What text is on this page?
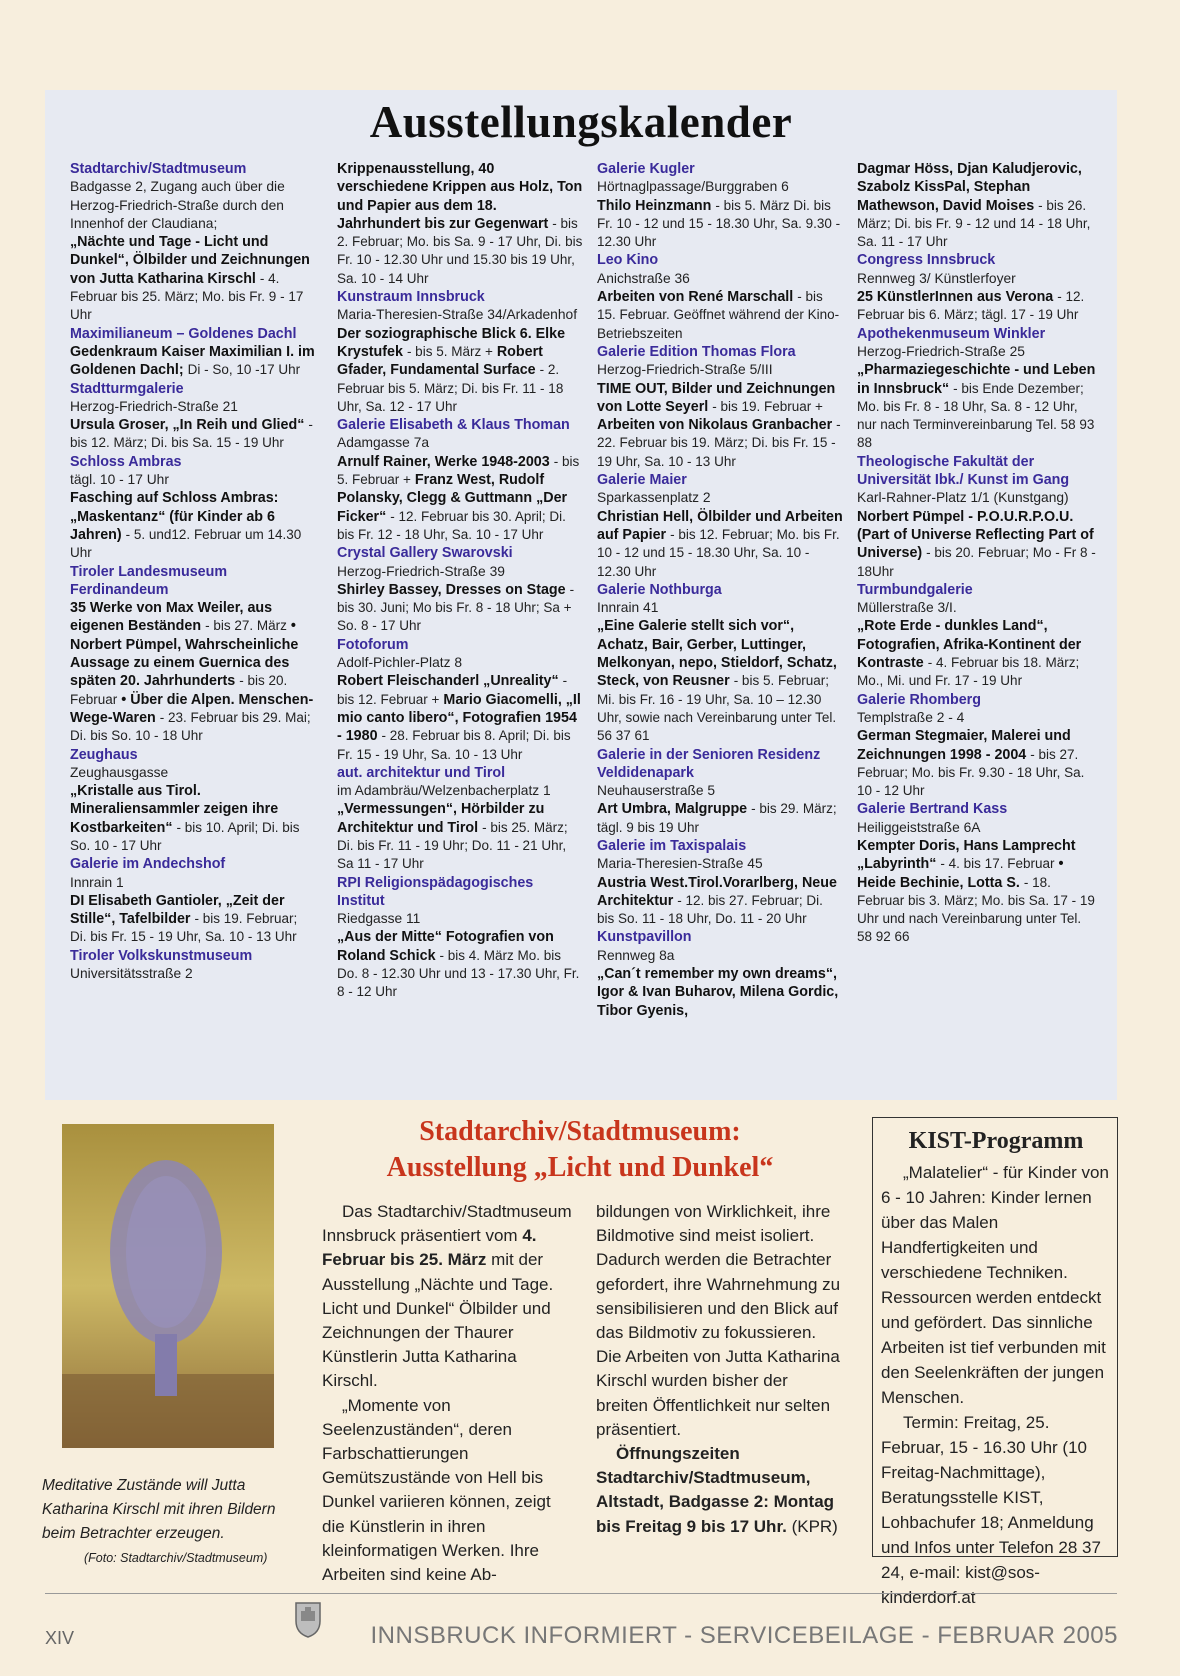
Ausstellungskalender

Stadtarchiv/Stadtmuseum
Badgasse 2, Zugang auch über die Herzog-Friedrich-Straße durch den Innenhof der Claudiana;
„Nächte und Tage - Licht und Dunkel“, Ölbilder und Zeichnungen von Jutta Katharina Kirschl - 4. Februar bis 25. März; Mo. bis Fr. 9 - 17 Uhr

Maximilianeum – Goldenes Dachl
Gedenkraum Kaiser Maximilian I. im Goldenen Dachl; Di - So, 10 -17 Uhr

Stadtturmgalerie
Herzog-Friedrich-Straße 21
Ursula Groser, „In Reih und Glied“ - bis 12. März; Di. bis Sa. 15 - 19 Uhr

Schloss Ambras
tägl. 10 - 17 Uhr
Fasching auf Schloss Ambras: „Maskentanz“ (für Kinder ab 6 Jahren) - 5. und12. Februar um 14.30 Uhr

Tiroler Landesmuseum Ferdinandeum
35 Werke von Max Weiler, aus eigenen Beständen - bis 27. März • Norbert Pümpel, Wahrscheinliche Aussage zu einem Guernica des späten 20. Jahrhunderts - bis 20. Februar • Über die Alpen. Menschen-Wege-Waren - 23. Februar bis 29. Mai; Di. bis So. 10 - 18 Uhr

Zeughaus
Zeughausgasse
„Kristalle aus Tirol. Mineraliensammler zeigen ihre Kostbarkeiten“ - bis 10. April; Di. bis So. 10 - 17 Uhr

Galerie im Andechshof
Innrain 1
DI Elisabeth Gantioler, „Zeit der Stille“, Tafelbilder - bis 19. Februar; Di. bis Fr. 15 - 19 Uhr, Sa. 10 - 13 Uhr

Tiroler Volkskunstmuseum
Universitätsstraße 2

Krippenausstellung, 40 verschiedene Krippen aus Holz, Ton und Papier aus dem 18. Jahrhundert bis zur Gegenwart - bis 2. Februar; Mo. bis Sa. 9 - 17 Uhr, Di. bis Fr. 10 - 12.30 Uhr und 15.30 bis 19 Uhr, Sa. 10 - 14 Uhr

Kunstraum Innsbruck
Maria-Theresien-Straße 34/Arkadenhof
Der soziographische Blick 6. Elke Krystufek - bis 5. März + Robert Gfader, Fundamental Surface - 2. Februar bis 5. März; Di. bis Fr. 11 - 18 Uhr, Sa. 12 - 17 Uhr

Galerie Elisabeth & Klaus Thoman
Adamgasse 7a
Arnulf Rainer, Werke 1948-2003 - bis 5. Februar + Franz West, Rudolf Polansky, Clegg & Guttmann „Der Ficker“ - 12. Februar bis 30. April; Di. bis Fr. 12 - 18 Uhr, Sa. 10 - 17 Uhr

Crystal Gallery Swarovski
Herzog-Friedrich-Straße 39
Shirley Bassey, Dresses on Stage - bis 30. Juni; Mo bis Fr. 8 - 18 Uhr; Sa + So. 8 - 17 Uhr

Fotoforum
Adolf-Pichler-Platz 8
Robert Fleischanderl „Unreality“ - bis 12. Februar + Mario Giacomelli, „Il mio canto libero“, Fotografien 1954 - 1980 - 28. Februar bis 8. April; Di. bis Fr. 15 - 19 Uhr, Sa. 10 - 13 Uhr

aut. architektur und Tirol
im Adambräu/Welzenbacherplatz 1
„Vermessungen“, Hörbilder zu Architektur und Tirol - bis 25. März; Di. bis Fr. 11 - 19 Uhr; Do. 11 - 21 Uhr, Sa 11 - 17 Uhr

RPI Religionspädagogisches Institut
Riedgasse 11
„Aus der Mitte“ Fotografien von Roland Schick - bis 4. März Mo. bis Do. 8 - 12.30 Uhr und 13 - 17.30 Uhr, Fr. 8 - 12 Uhr

Galerie Kugler
Hörtnaglpassage/Burggraben 6
Thilo Heinzmann - bis 5. März Di. bis Fr. 10 - 12 und 15 - 18.30 Uhr, Sa. 9.30 - 12.30 Uhr

Leo Kino
Anichstraße 36
Arbeiten von René Marschall - bis 15. Februar. Geöffnet während der Kino-Betriebszeiten

Galerie Edition Thomas Flora
Herzog-Friedrich-Straße 5/III
TIME OUT, Bilder und Zeichnungen von Lotte Seyerl - bis 19. Februar + Arbeiten von Nikolaus Granbacher - 22. Februar bis 19. März; Di. bis Fr. 15 - 19 Uhr, Sa. 10 - 13 Uhr

Galerie Maier
Sparkassenplatz 2
Christian Hell, Ölbilder und Arbeiten auf Papier - bis 12. Februar; Mo. bis Fr. 10 - 12 und 15 - 18.30 Uhr, Sa. 10 - 12.30 Uhr

Galerie Nothburga
Innrain 41
„Eine Galerie stellt sich vor“, Achatz, Bair, Gerber, Luttinger, Melkonyan, nepo, Stieldorf, Schatz, Steck, von Reusner - bis 5. Februar; Mi. bis Fr. 16 - 19 Uhr, Sa. 10 – 12.30 Uhr, sowie nach Vereinbarung unter Tel. 56 37 61

Galerie in der Senioren Residenz Veldidenapark
Neuhauserstraße 5
Art Umbra, Malgruppe - bis 29. März; tägl. 9 bis 19 Uhr

Galerie im Taxispalais
Maria-Theresien-Straße 45
Austria West.Tirol.Vorarlberg, Neue Architektur - 12. bis 27. Februar; Di. bis So. 11 - 18 Uhr, Do. 11 - 20 Uhr

Kunstpavillon
Rennweg 8a
„Can´t remember my own dreams“, Igor & Ivan Buharov, Milena Gordic, Tibor Gyenis,

Dagmar Höss, Djan Kaludjerovic, Szabolz KissPal, Stephan Mathewson, David Moises - bis 26. März; Di. bis Fr. 9 - 12 und 14 - 18 Uhr, Sa. 11 - 17 Uhr

Congress Innsbruck
Rennweg 3/ Künstlerfoyer
25 KünstlerInnen aus Verona - 12. Februar bis 6. März; tägl. 17 - 19 Uhr

Apothekenmuseum Winkler
Herzog-Friedrich-Straße 25
„Pharmaziegeschichte - und Leben in Innsbruck“ - bis Ende Dezember; Mo. bis Fr. 8 - 18 Uhr, Sa. 8 - 12 Uhr, nur nach Terminvereinbarung Tel. 58 93 88

Theologische Fakultät der Universität Ibk./ Kunst im Gang
Karl-Rahner-Platz 1/1 (Kunstgang)
Norbert Pümpel - P.O.U.R.P.O.U. (Part of Universe Reflecting Part of Universe) - bis 20. Februar; Mo - Fr 8 - 18Uhr

Turmbundgalerie
Müllerstraße 3/I.
„Rote Erde - dunkles Land“, Fotografien, Afrika-Kontinent der Kontraste - 4. Februar bis 18. März; Mo., Mi. und Fr. 17 - 19 Uhr

Galerie Rhomberg
Templstraße 2 - 4
German Stegmaier, Malerei und Zeichnungen 1998 - 2004 - bis 27. Februar; Mo. bis Fr. 9.30 - 18 Uhr, Sa. 10 - 12 Uhr

Galerie Bertrand Kass
Heiliggeiststraße 6A
Kempter Doris, Hans Lamprecht „Labyrinth“ - 4. bis 17. Februar • Heide Bechinie, Lotta S. - 18. Februar bis 3. März; Mo. bis Sa. 17 - 19 Uhr und nach Vereinbarung unter Tel. 58 92 66

Meditative Zustände will Jutta Katharina Kirschl mit ihren Bildern beim Betrachter erzeugen.
(Foto: Stadtarchiv/Stadtmuseum)
Stadtarchiv/Stadtmuseum:
Ausstellung „Licht und Dunkel“

Das Stadtarchiv/Stadtmuseum Innsbruck präsentiert vom 4. Februar bis 25. März mit der Ausstellung „Nächte und Tage. Licht und Dunkel“ Ölbilder und Zeichnungen der Thaurer Künstlerin Jutta Katharina Kirschl.

„Momente von Seelenzuständen“, deren Farbschattierungen Gemütszustände von Hell bis Dunkel variieren können, zeigt die Künstlerin in ihren kleinformatigen Werken. Ihre Arbeiten sind keine Ab-

bildungen von Wirklichkeit, ihre Bildmotive sind meist isoliert. Dadurch werden die Betrachter gefordert, ihre Wahrnehmung zu sensibilisieren und den Blick auf das Bildmotiv zu fokussieren. Die Arbeiten von Jutta Katharina Kirschl wurden bisher der breiten Öffentlichkeit nur selten präsentiert.

Öffnungszeiten Stadtarchiv/Stadtmuseum, Altstadt, Badgasse 2: Montag bis Freitag 9 bis 17 Uhr. (KPR)

KIST-Programm

„Malatelier“ - für Kinder von 6 - 10 Jahren: Kinder lernen über das Malen Handfertigkeiten und verschiedene Techniken. Ressourcen werden entdeckt und gefördert. Das sinnliche Arbeiten ist tief verbunden mit den Seelenkräften der jungen Menschen.

Termin: Freitag, 25. Februar, 15 - 16.30 Uhr (10 Freitag-Nachmittage), Beratungsstelle KIST, Lohbachufer 18; Anmeldung und Infos unter Telefon 28 37 24, e-mail: kist@sos-kinderdorf.at

XIV	INNSBRUCK INFORMIERT - SERVICEBEILAGE - FEBRUAR 2005
